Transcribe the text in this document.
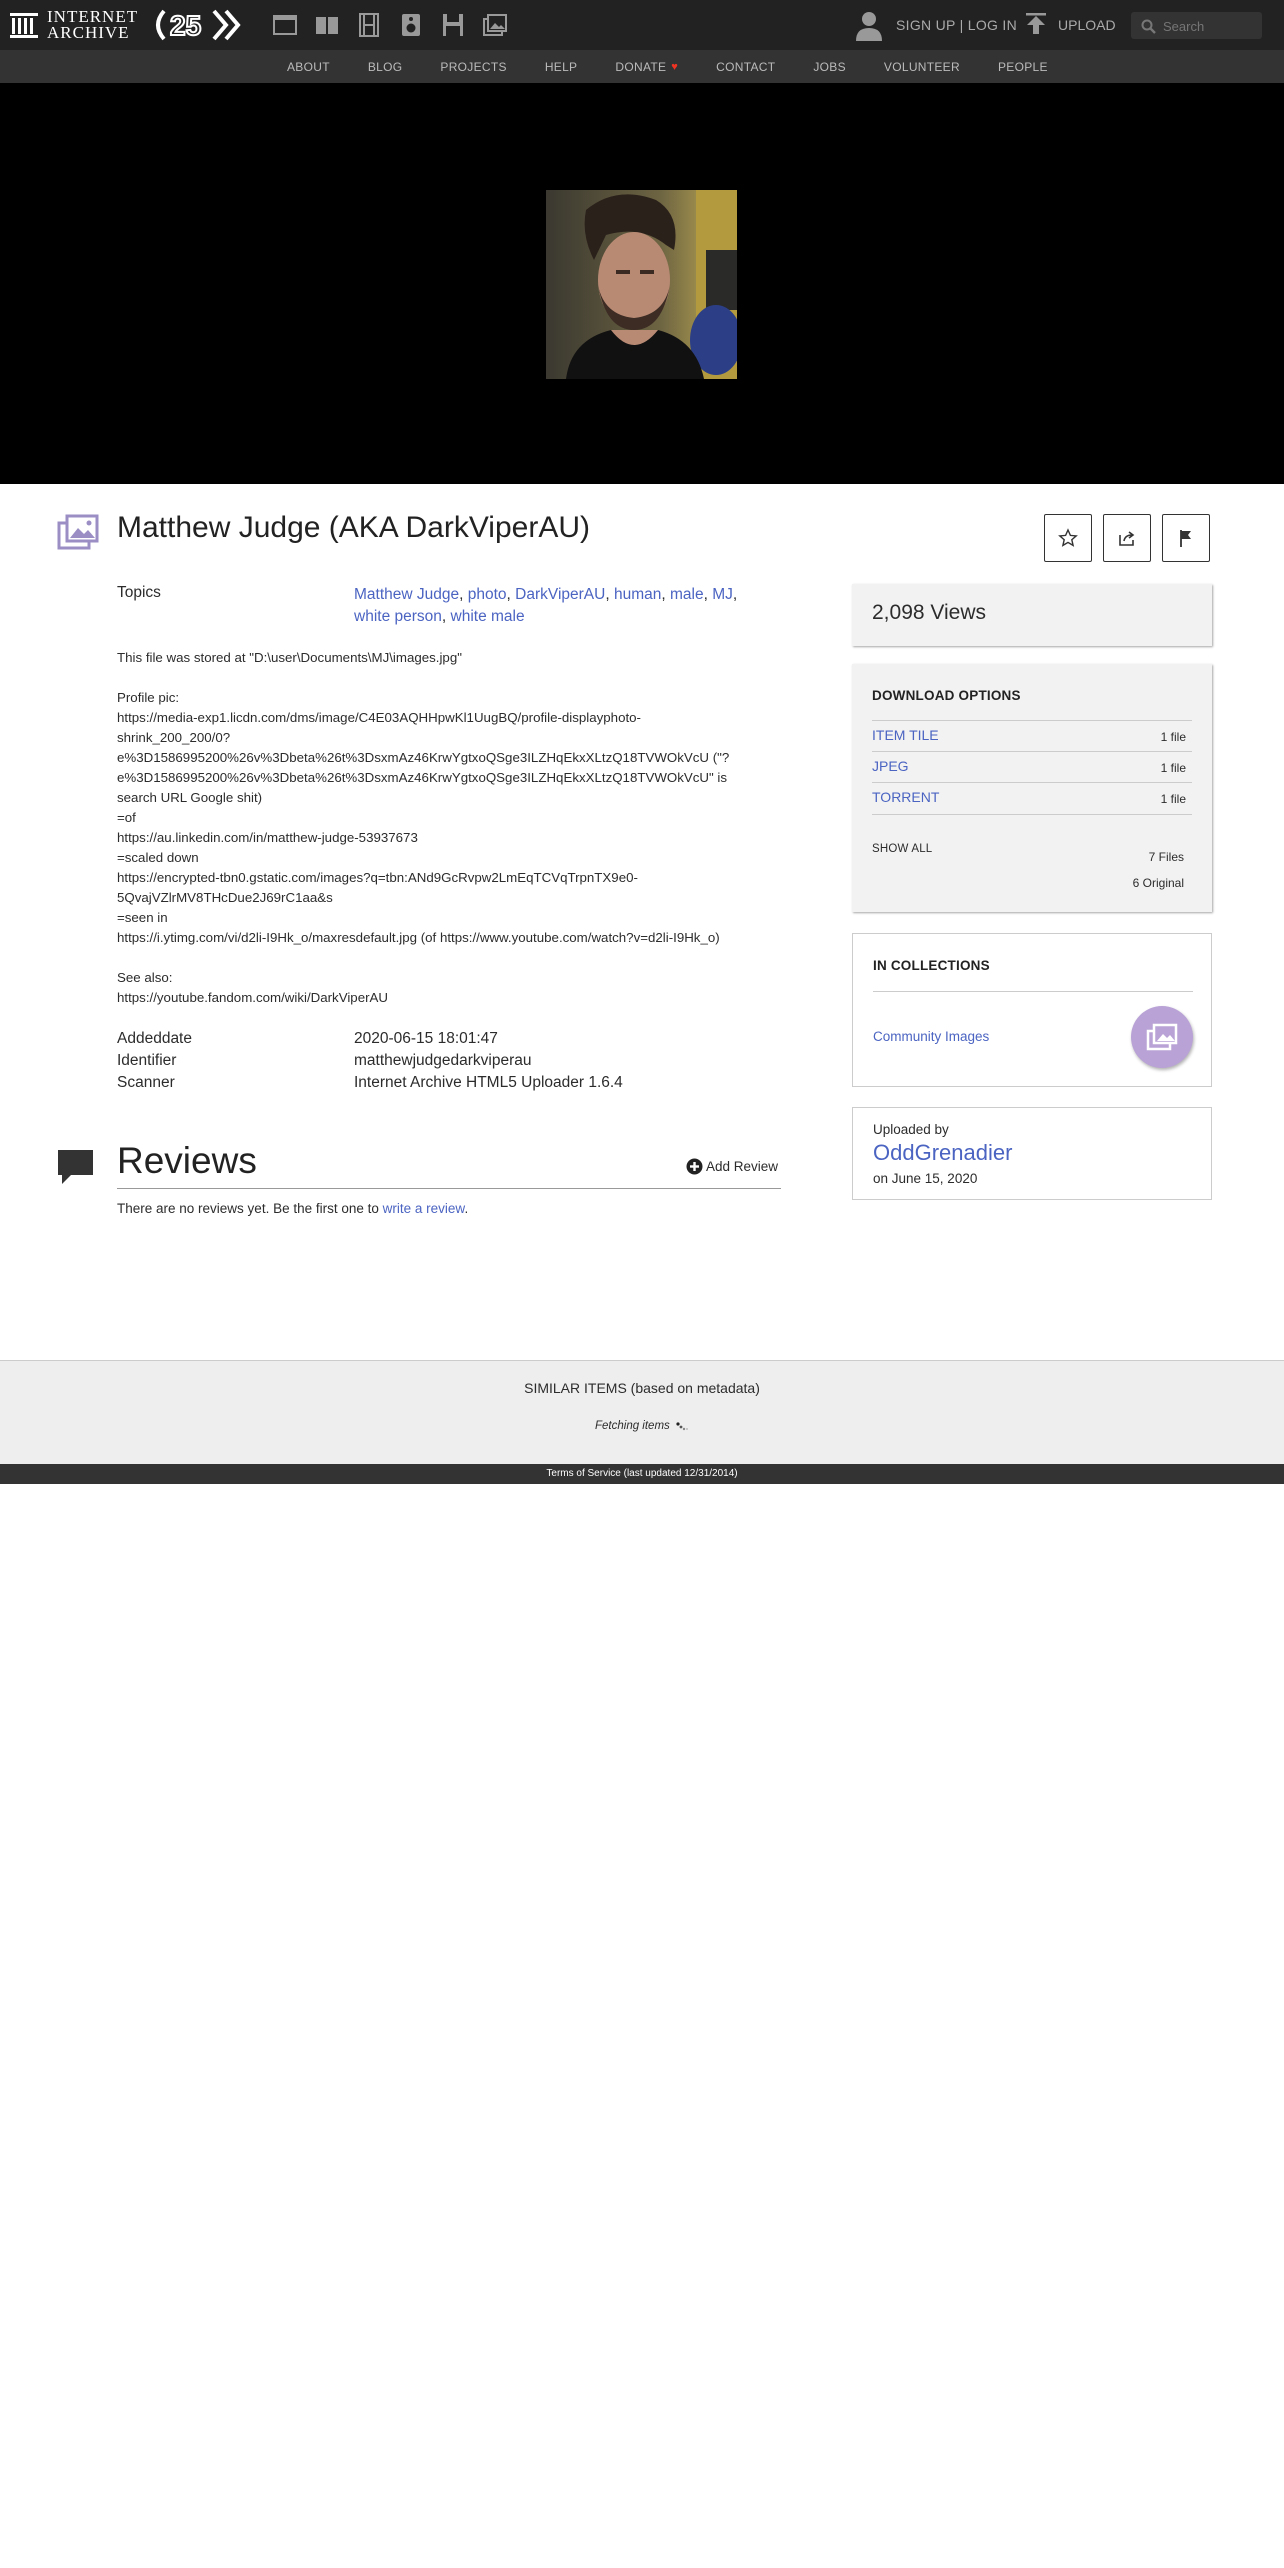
INTERNET
ARCHIVE	25	SIGN UP | LOG IN	UPLOAD
Search
ABOUT	BLOG	PROJECTS	HELP	DONATE ♥	CONTACT	JOBS	VOLUNTEER	PEOPLE
Matthew Judge (AKA DarkViperAU)
Topics	Matthew Judge, photo, DarkViperAU, human, male, MJ,
white person, white male

This file was stored at "D:\user\Documents\MJ\images.jpg"

Profile pic:

https://media-exp1.licdn.com/dms/image/C4E03AQHHpwKl1UugBQ/profile-displayphoto-

shrink_200_200/0?

e%3D1586995200%26v%3Dbeta%26t%3DsxmAz46KrwYgtxoQSge3ILZHqEkxXLtzQ18TVWOkVcU ("?

e%3D1586995200%26v%3Dbeta%26t%3DsxmAz46KrwYgtxoQSge3ILZHqEkxXLtzQ18TVWOkVcU" is

search URL Google shit)

=of

https://au.linkedin.com/in/matthew-judge-53937673

=scaled down

https://encrypted-tbn0.gstatic.com/images?q=tbn:ANd9GcRvpw2LmEqTCVqTrpnTX9e0-

5QvajVZlrMV8THcDue2J69rC1aa&s

=seen in

https://i.ytimg.com/vi/d2li-I9Hk_o/maxresdefault.jpg (of https://www.youtube.com/watch?v=d2li-I9Hk_o)

See also:

https://youtube.fandom.com/wiki/DarkViperAU

Addeddate	2020-06-15 18:01:47
Identifier	matthewjudgedarkviperau
Scanner	Internet Archive HTML5 Uploader 1.6.4
Reviews	Add Review
There are no reviews yet. Be the first one to write a review.
2,098 Views
DOWNLOAD OPTIONS
ITEM TILE	1 file
JPEG	1 file
TORRENT	1 file
SHOW ALL
7 Files
6 Original
IN COLLECTIONS
Community Images
Uploaded by
OddGrenadier
on June 15, 2020
SIMILAR ITEMS (based on metadata)
Fetching items
Terms of Service (last updated 12/31/2014)
